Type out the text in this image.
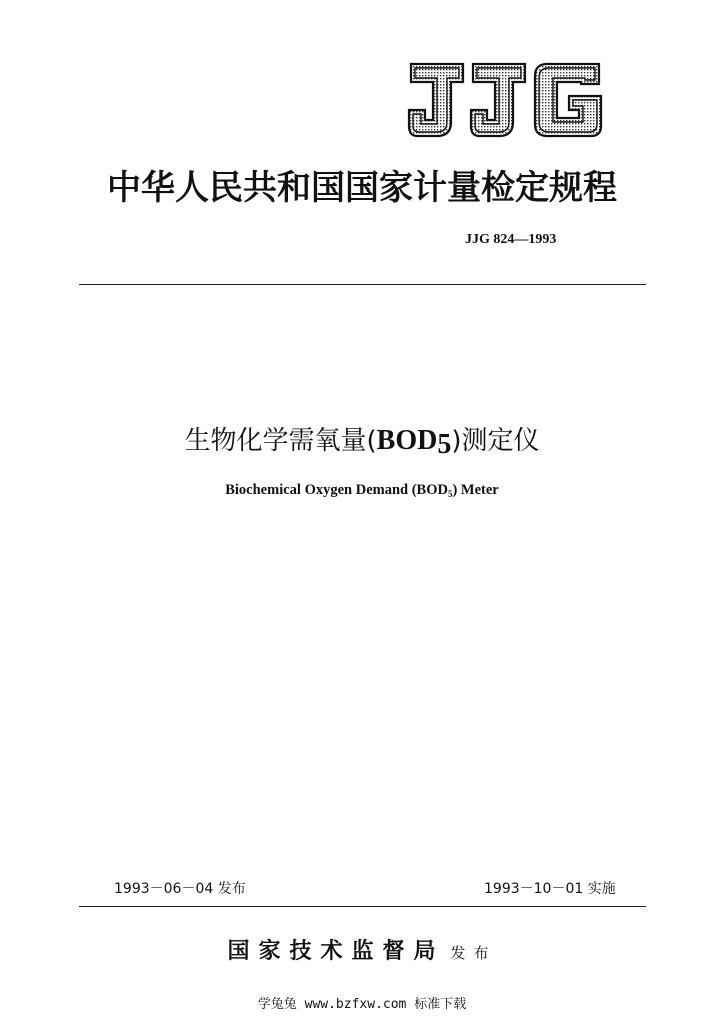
中华人民共和国国家计量检定规程
JJG 824—1993
生物化学需氧量(BOD5)测定仪
Biochemical Oxygen Demand $(BOD_5)$ Meter
1993－06－04 发布	1993－10－01 实施
国家技术监督局 发布
学兔兔 www.bzfxw.com 标准下载
